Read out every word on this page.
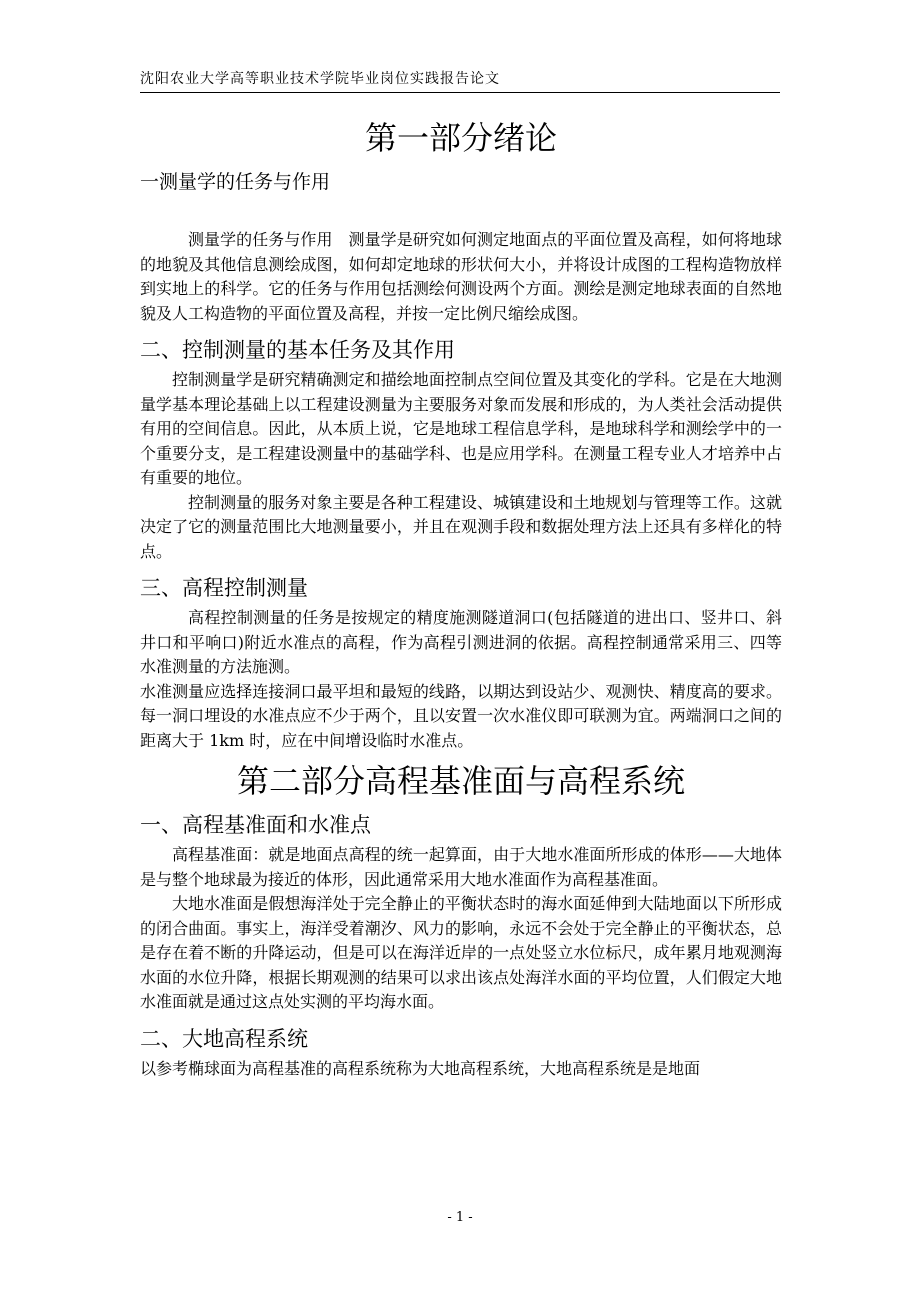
沈阳农业大学高等职业技术学院毕业岗位实践报告论文
第一部分绪论
一测量学的任务与作用

测量学的任务与作用　测量学是研究如何测定地面点的平面位置及高程，如何将地球的地貌及其他信息测绘成图，如何却定地球的形状何大小，并将设计成图的工程构造物放样到实地上的科学。它的任务与作用包括测绘何测设两个方面。测绘是测定地球表面的自然地貌及人工构造物的平面位置及高程，并按一定比例尺缩绘成图。

二、控制测量的基本任务及其作用

控制测量学是研究精确测定和描绘地面控制点空间位置及其变化的学科。它是在大地测量学基本理论基础上以工程建设测量为主要服务对象而发展和形成的，为人类社会活动提供有用的空间信息。因此，从本质上说，它是地球工程信息学科，是地球科学和测绘学中的一个重要分支，是工程建设测量中的基础学科、也是应用学科。在测量工程专业人才培养中占有重要的地位。

控制测量的服务对象主要是各种工程建设、城镇建设和土地规划与管理等工作。这就决定了它的测量范围比大地测量要小，并且在观测手段和数据处理方法上还具有多样化的特点。

三、高程控制测量

高程控制测量的任务是按规定的精度施测隧道洞口(包括隧道的进出口、竖井口、斜井口和平响口)附近水准点的高程，作为高程引测进洞的依据。高程控制通常采用三、四等水准测量的方法施测。

水准测量应选择连接洞口最平坦和最短的线路，以期达到设站少、观测快、精度高的要求。每一洞口埋设的水准点应不少于两个，且以安置一次水准仪即可联测为宜。两端洞口之间的距离大于 1km 时，应在中间增设临时水准点。

第二部分高程基准面与高程系统
一、高程基准面和水准点

高程基准面：就是地面点高程的统一起算面，由于大地水准面所形成的体形——大地体是与整个地球最为接近的体形，因此通常采用大地水准面作为高程基准面。

大地水准面是假想海洋处于完全静止的平衡状态时的海水面延伸到大陆地面以下所形成的闭合曲面。事实上，海洋受着潮汐、风力的影响，永远不会处于完全静止的平衡状态，总是存在着不断的升降运动，但是可以在海洋近岸的一点处竖立水位标尺，成年累月地观测海水面的水位升降，根据长期观测的结果可以求出该点处海洋水面的平均位置，人们假定大地水准面就是通过这点处实测的平均海水面。

二、大地高程系统

以参考椭球面为高程基准的高程系统称为大地高程系统，大地高程系统是是地面

- 1 -
